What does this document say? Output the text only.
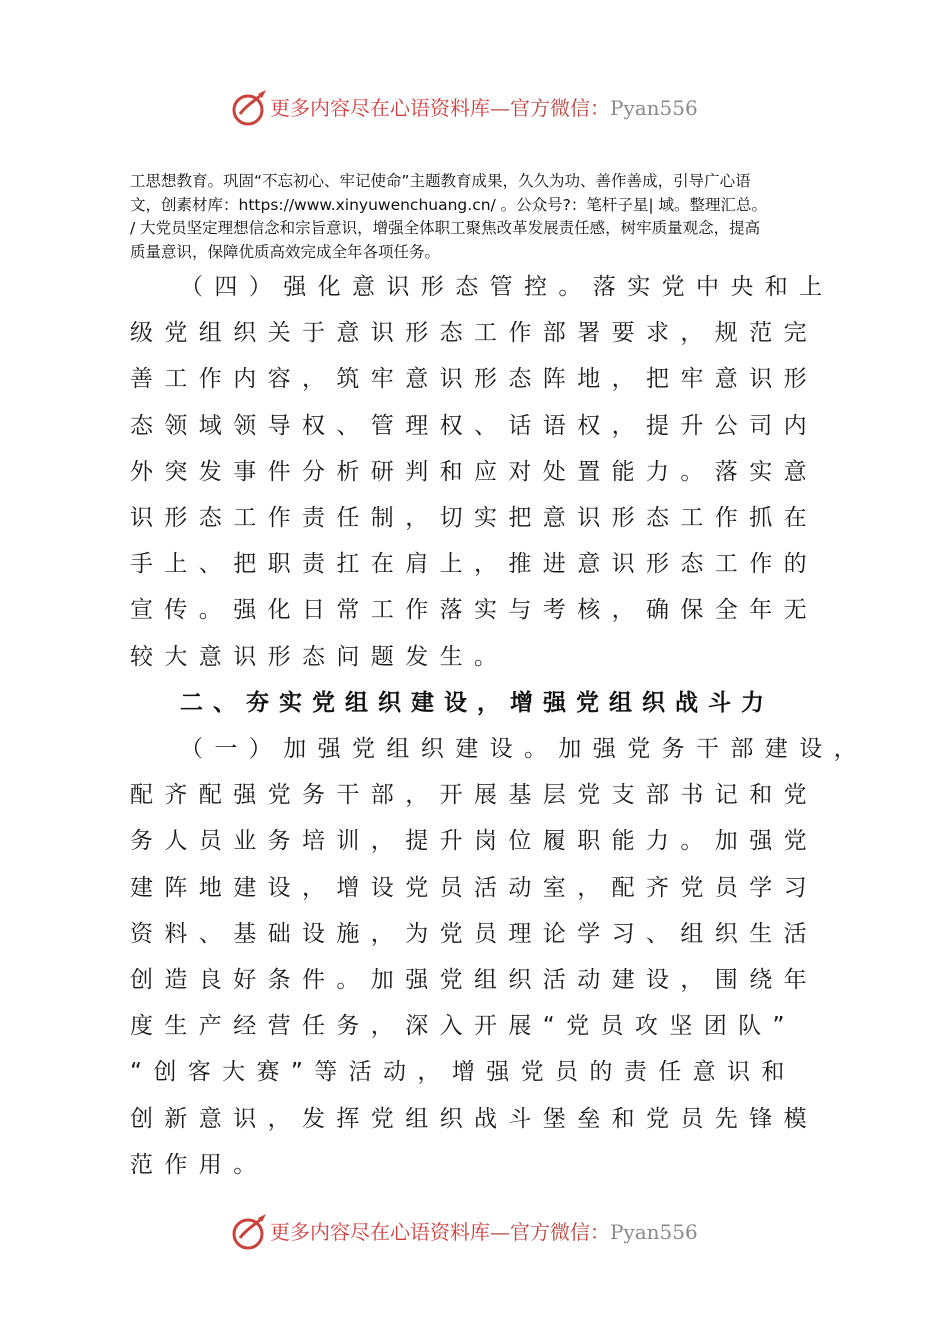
更多内容尽在心语资料库—官方微信：Pyan556
工思想教育。巩固“不忘初心、牢记使命”主题教育成果，久久为功、善作善成，引导广心语
文，创素材库：https://www.xinyuwenchuang.cn/ 。公众号?：笔杆子星| 域。整理汇总。
/ 大党员坚定理想信念和宗旨意识，增强全体职工聚焦改革发展责任感，树牢质量观念，提高
质量意识，保障优质高效完成全年各项任务。
（四）强化意识形态管控。落实党中央和上
级党组织关于意识形态工作部署要求，规范完
善工作内容，筑牢意识形态阵地，把牢意识形
态领域领导权、管理权、话语权，提升公司内
外突发事件分析研判和应对处置能力。落实意
识形态工作责任制，切实把意识形态工作抓在
手上、把职责扛在肩上，推进意识形态工作的
宣传。强化日常工作落实与考核，确保全年无
较大意识形态问题发生。
二、夯实党组织建设，增强党组织战斗力
（一）加强党组织建设。加强党务干部建设，
配齐配强党务干部，开展基层党支部书记和党
务人员业务培训，提升岗位履职能力。加强党
建阵地建设，增设党员活动室，配齐党员学习
资料、基础设施，为党员理论学习、组织生活
创造良好条件。加强党组织活动建设，围绕年
度生产经营任务，深入开展“党员攻坚团队”
“创客大赛”等活动，增强党员的责任意识和
创新意识，发挥党组织战斗堡垒和党员先锋模
范作用。
更多内容尽在心语资料库—官方微信：Pyan556
